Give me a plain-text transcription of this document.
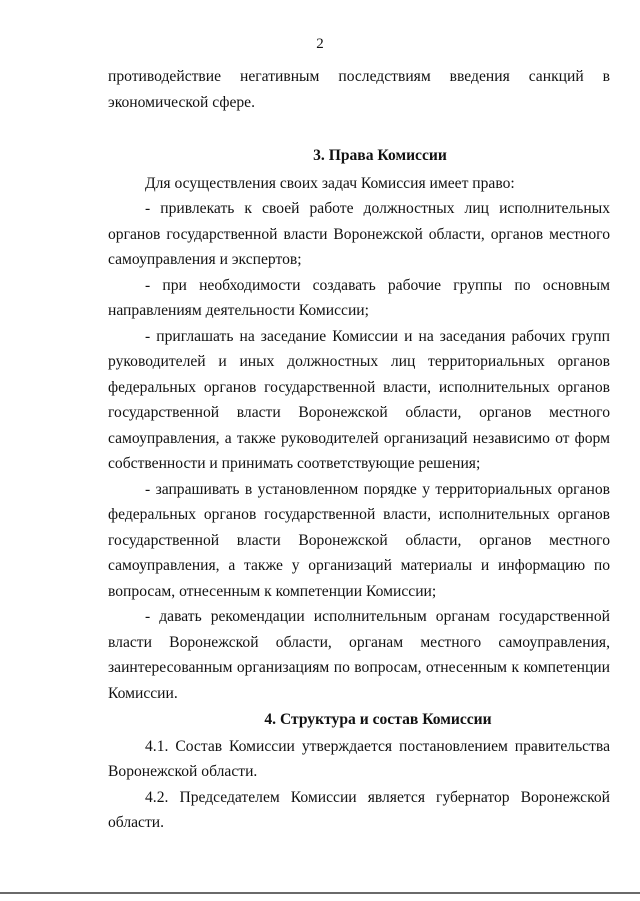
2

противодействие негативным последствиям введения санкций в экономической сфере.

3. Права Комиссии

Для осуществления своих задач Комиссия имеет право:

- привлекать к своей работе должностных лиц исполнительных органов государственной власти Воронежской области, органов местного самоуправления и экспертов;

- при необходимости создавать рабочие группы по основным направлениям деятельности Комиссии;

- приглашать на заседание Комиссии и на заседания рабочих групп руководителей и иных должностных лиц территориальных органов федеральных органов государственной власти, исполнительных органов государственной власти Воронежской области, органов местного самоуправления, а также руководителей организаций независимо от форм собственности и принимать соответствующие решения;

- запрашивать в установленном порядке у территориальных органов федеральных органов государственной власти, исполнительных органов государственной власти Воронежской области, органов местного самоуправления, а также у организаций материалы и информацию по вопросам, отнесенным к компетенции Комиссии;

- давать рекомендации исполнительным органам государственной власти Воронежской области, органам местного самоуправления, заинтересованным организациям по вопросам, отнесенным к компетенции Комиссии.

4. Структура и состав Комиссии

4.1. Состав Комиссии утверждается постановлением правительства Воронежской области.

4.2. Председателем Комиссии является губернатор Воронежской области.
